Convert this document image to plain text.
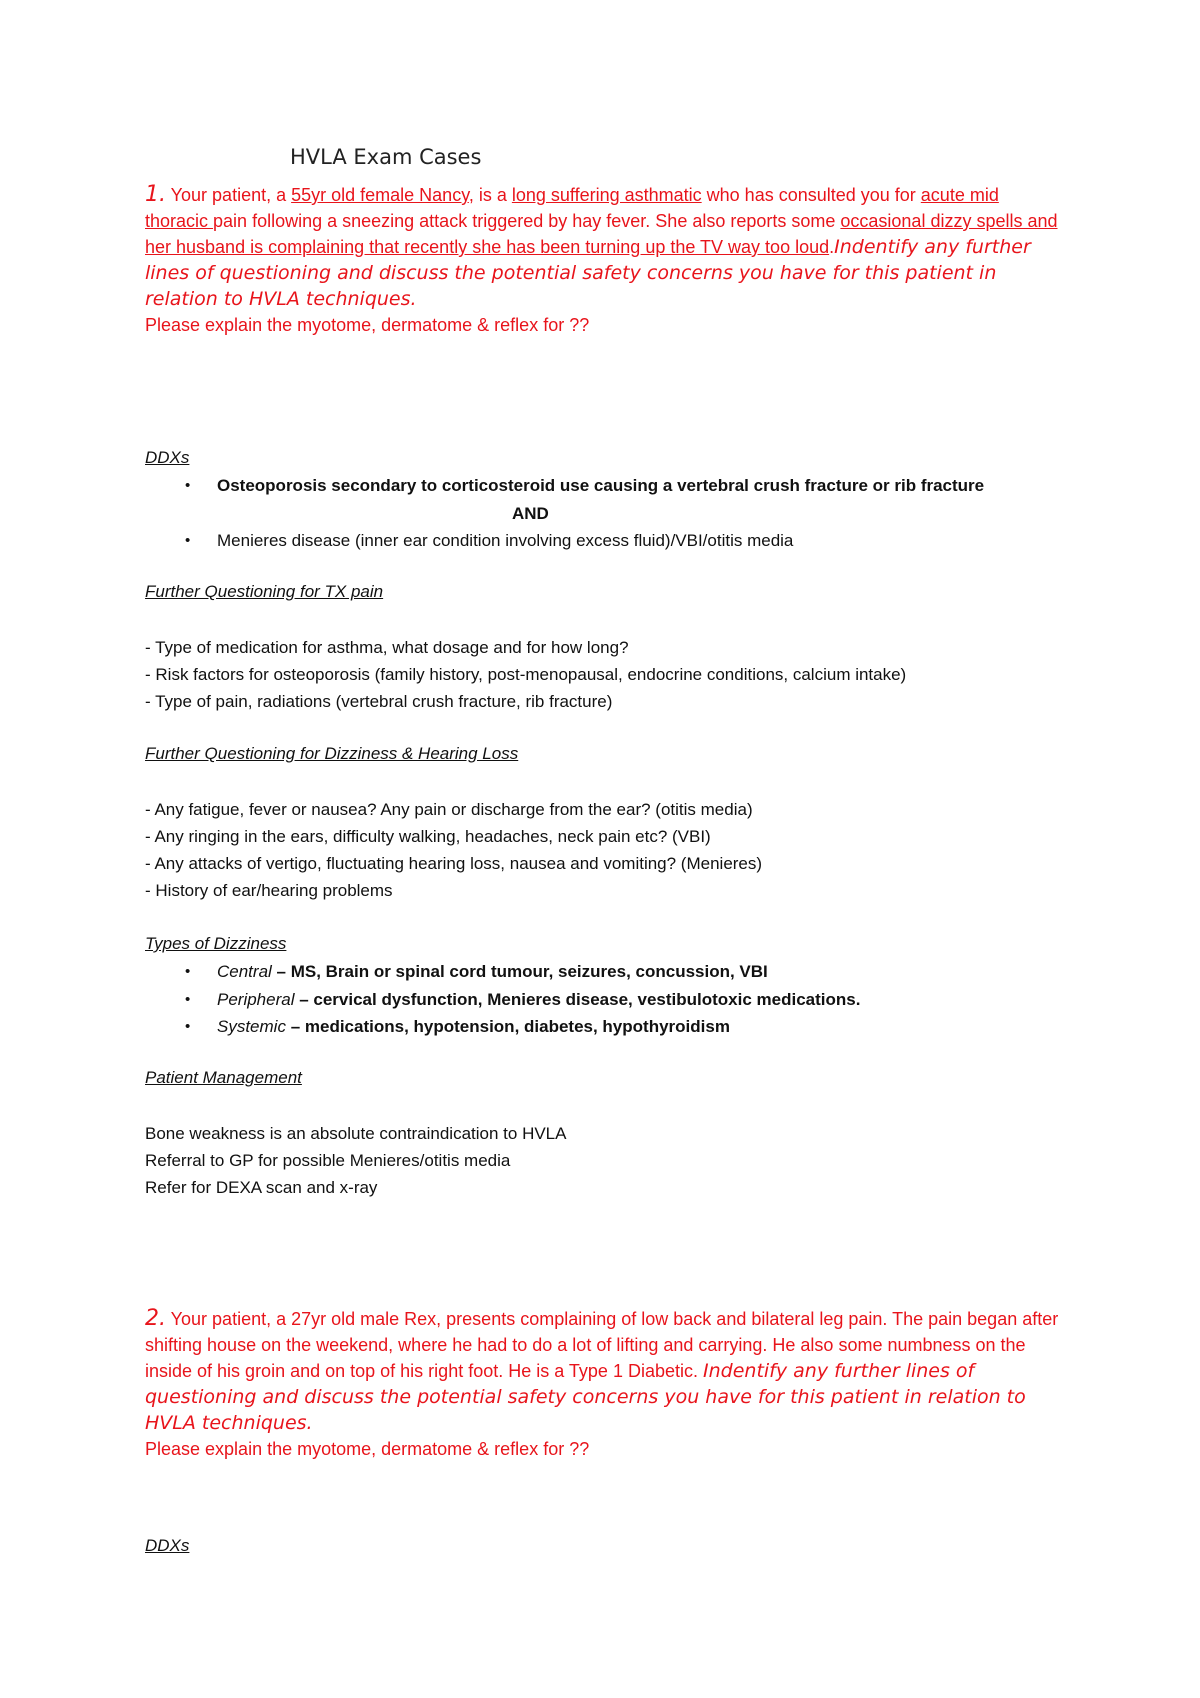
HVLA Exam Cases

1. Your patient, a 55yr old female Nancy, is a long suffering asthmatic who has consulted you for acute mid thoracic pain following a sneezing attack triggered by hay fever. She also reports some occasional dizzy spells and her husband is complaining that recently she has been turning up the TV way too loud.Indentify any further lines of questioning and discuss the potential safety concerns you have for this patient in relation to HVLA techniques.

Please explain the myotome, dermatome & reflex for ??

DDXs
• Osteoporosis secondary to corticosteroid use causing a vertebral crush fracture or rib fractureAND
• Menieres disease (inner ear condition involving excess fluid)/VBI/otitis media
Further Questioning for TX pain
- Type of medication for asthma, what dosage and for how long?
- Risk factors for osteoporosis (family history, post-menopausal, endocrine conditions, calcium intake)
- Type of pain, radiations (vertebral crush fracture, rib fracture)
Further Questioning for Dizziness & Hearing Loss
- Any fatigue, fever or nausea? Any pain or discharge from the ear? (otitis media)
- Any ringing in the ears, difficulty walking, headaches, neck pain etc? (VBI)
- Any attacks of vertigo, fluctuating hearing loss, nausea and vomiting? (Menieres)
- History of ear/hearing problems
Types of Dizziness
• Central – MS, Brain or spinal cord tumour, seizures, concussion, VBI
• Peripheral – cervical dysfunction, Menieres disease, vestibulotoxic medications.
• Systemic – medications, hypotension, diabetes, hypothyroidism
Patient Management
Bone weakness is an absolute contraindication to HVLA
Referral to GP for possible Menieres/otitis media
Refer for DEXA scan and x-ray

2. Your patient, a 27yr old male Rex, presents complaining of low back and bilateral leg pain. The pain began after shifting house on the weekend, where he had to do a lot of lifting and carrying. He also some numbness on the inside of his groin and on top of his right foot. He is a Type 1 Diabetic. Indentify any further lines of questioning and discuss the potential safety concerns you have for this patient in relation to HVLA techniques.

Please explain the myotome, dermatome & reflex for ??

DDXs
